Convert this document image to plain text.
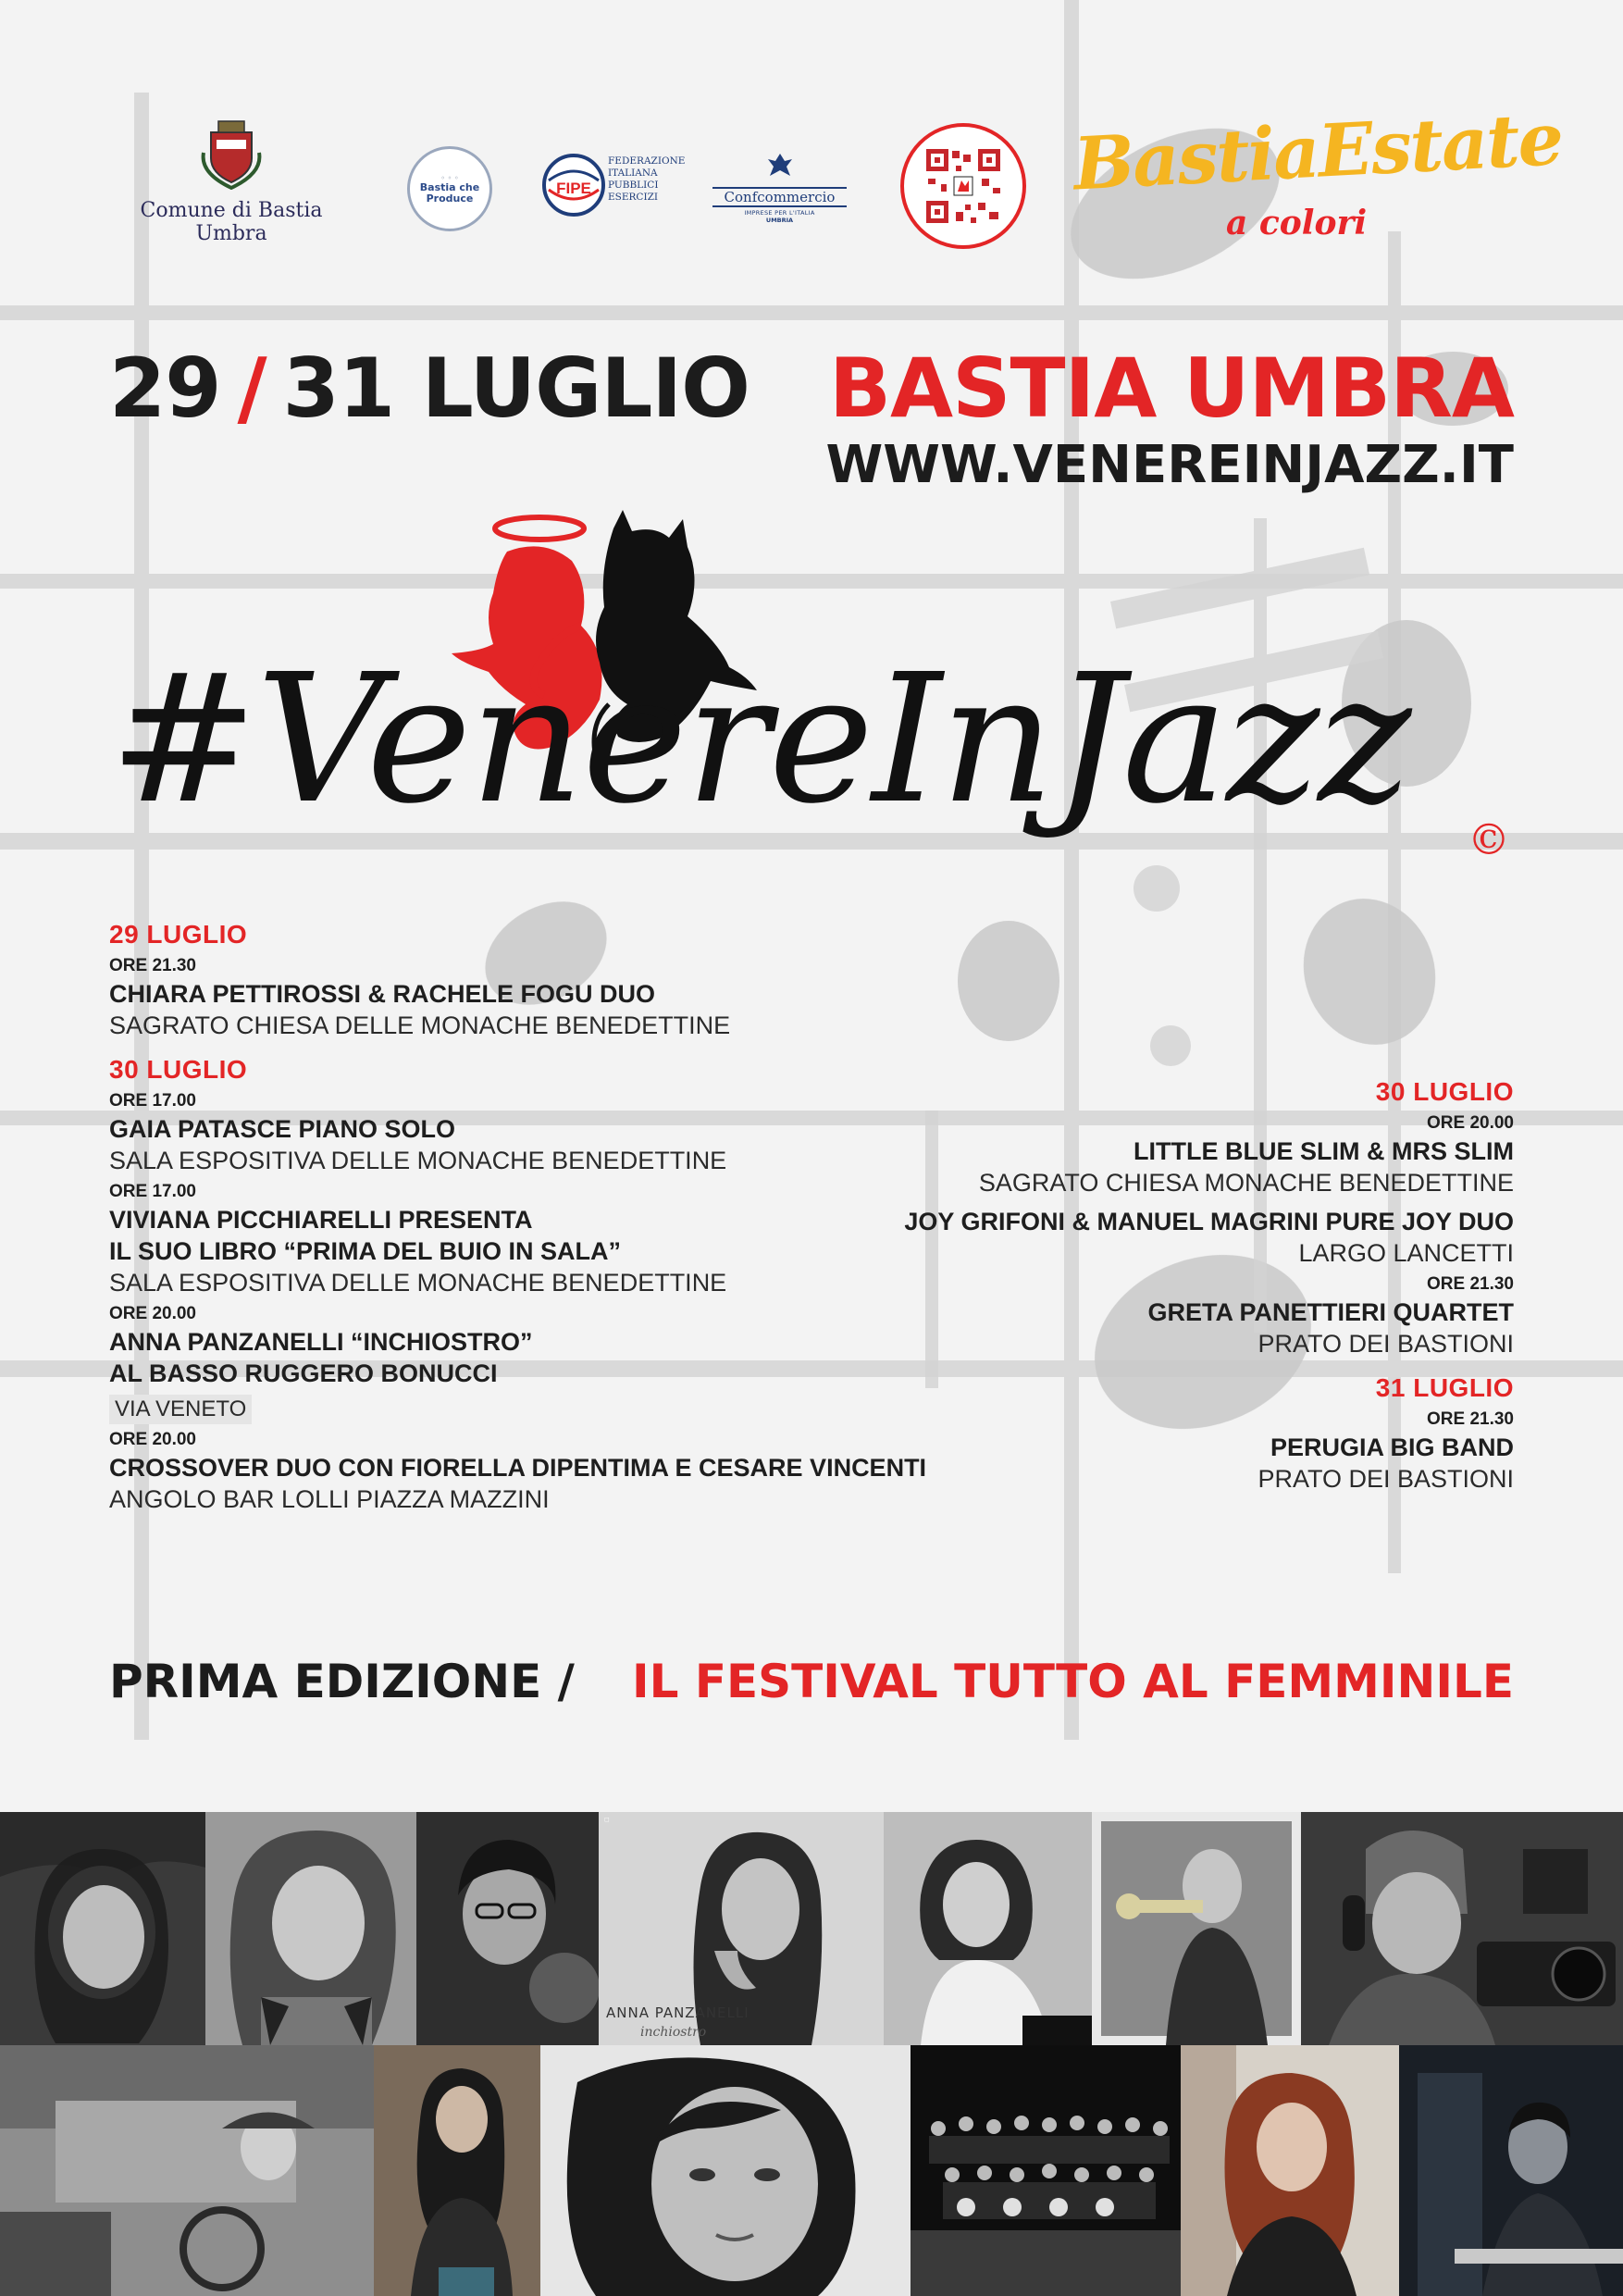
Comune di Bastia Umbra
◦ ◦ ◦
Bastia che
Produce
FIPE
FEDERAZIONE
ITALIANA
PUBBLICI
ESERCIZI	Confcommercio
IMPRESE PER L'ITALIA
UMBRIA
BastiaEstate
a colori
29 / 31 LUGLIO BASTIA UMBRA
WWW.VENEREINJAZZ.IT
#VenereInJazz ©
29 LUGLIO
ORE 21.30
CHIARA PETTIROSSI & RACHELE FOGU DUO
SAGRATO CHIESA DELLE MONACHE BENEDETTINE
30 LUGLIO
ORE 17.00
GAIA PATASCE PIANO SOLO
SALA ESPOSITIVA DELLE MONACHE BENEDETTINE
ORE 17.00
VIVIANA PICCHIARELLI PRESENTA
IL SUO LIBRO “PRIMA DEL BUIO IN SALA”
SALA ESPOSITIVA DELLE MONACHE BENEDETTINE
ORE 20.00
ANNA PANZANELLI “INCHIOSTRO”
AL BASSO RUGGERO BONUCCI
VIA VENETO
ORE 20.00
CROSSOVER DUO CON FIORELLA DIPENTIMA E CESARE VINCENTI
ANGOLO BAR LOLLI PIAZZA MAZZINI
30 LUGLIO
ORE 20.00
LITTLE BLUE SLIM & MRS SLIM
SAGRATO CHIESA MONACHE BENEDETTINE
JOY GRIFONI & MANUEL MAGRINI PURE JOY DUO
LARGO LANCETTI
ORE 21.30
GRETA PANETTIERI QUARTET
PRATO DEI BASTIONI
31 LUGLIO
ORE 21.30
PERUGIA BIG BAND
PRATO DEI BASTIONI
PRIMA EDIZIONE / IL FESTIVAL TUTTO AL FEMMINILE
◻
ANNA PANZANELLI
inchiostro
